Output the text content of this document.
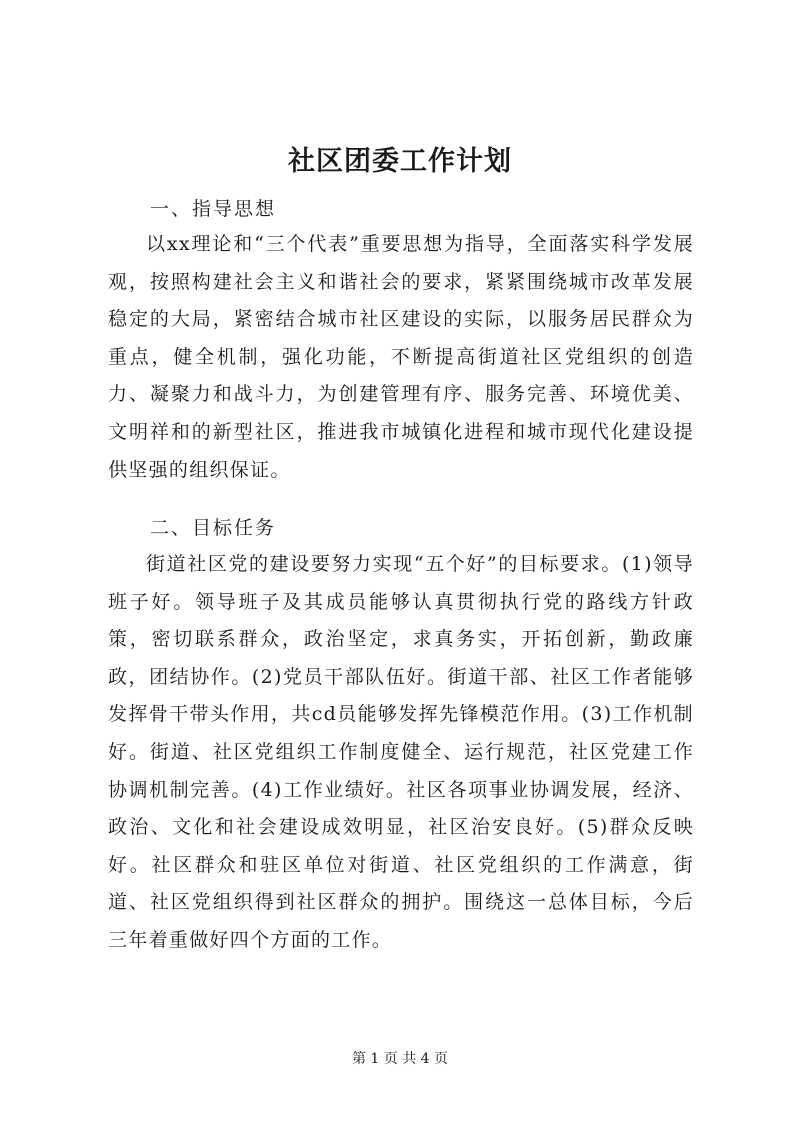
社区团委工作计划
一、指导思想

以xx理论和“三个代表”重要思想为指导，全面落实科学发展观，按照构建社会主义和谐社会的要求，紧紧围绕城市改革发展稳定的大局，紧密结合城市社区建设的实际，以服务居民群众为重点，健全机制，强化功能，不断提高街道社区党组织的创造力、凝聚力和战斗力，为创建管理有序、服务完善、环境优美、文明祥和的新型社区，推进我市城镇化进程和城市现代化建设提供坚强的组织保证。

二、目标任务

街道社区党的建设要努力实现“五个好”的目标要求。(1)领导班子好。领导班子及其成员能够认真贯彻执行党的路线方针政策，密切联系群众，政治坚定，求真务实，开拓创新，勤政廉政，团结协作。(2)党员干部队伍好。街道干部、社区工作者能够发挥骨干带头作用，共cd员能够发挥先锋模范作用。(3)工作机制好。街道、社区党组织工作制度健全、运行规范，社区党建工作协调机制完善。(4)工作业绩好。社区各项事业协调发展，经济、政治、文化和社会建设成效明显，社区治安良好。(5)群众反映好。社区群众和驻区单位对街道、社区党组织的工作满意，街道、社区党组织得到社区群众的拥护。围绕这一总体目标，今后三年着重做好四个方面的工作。

第 1 页 共 4 页
